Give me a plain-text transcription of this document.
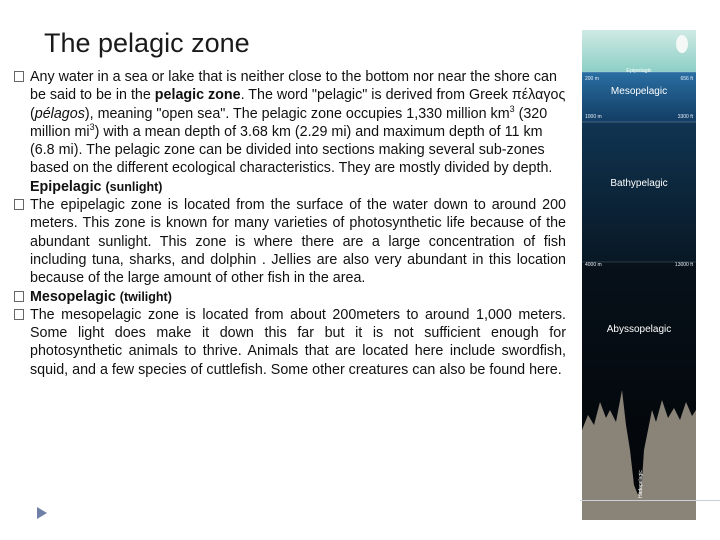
The pelagic zone

Any water in a sea or lake that is neither close to the bottom nor near the shore can be said to be in the pelagic zone. The word "pelagic" is derived from Greek πέλαγος (pélagos), meaning "open sea". The pelagic zone occupies 1,330 million $km^3$ (320 million $mi^3$) with a mean depth of 3.68 km (2.29 mi) and maximum depth of 11 km (6.8 mi). The pelagic zone can be divided into sections making several sub-zones based on the different ecological characteristics. They are mostly divided by depth.

Epipelagic (sunlight)

The epipelagic zone is located from the surface of the water down to around 200 meters. This zone is known for many varieties of photosynthetic life because of the abundant sunlight. This zone is where there are a large concentration of fish including tuna, sharks, and dolphin . Jellies are also very abundant in this location because of the large amount of other fish in the area.

Mesopelagic (twilight)

The mesopelagic zone is located from about 200meters to around 1,000 meters. Some light does make it down this far but it is not sufficient enough for photosynthetic animals to thrive. Animals that are located here include swordfish, squid, and a few species of cuttlefish. Some other creatures can also be found here.

Epipelagic
Mesopelagic
Bathypelagic
Abyssopelagic
Hadopelagic
200 m
1000 m
4000 m
656 ft
3300 ft
13000 ft
